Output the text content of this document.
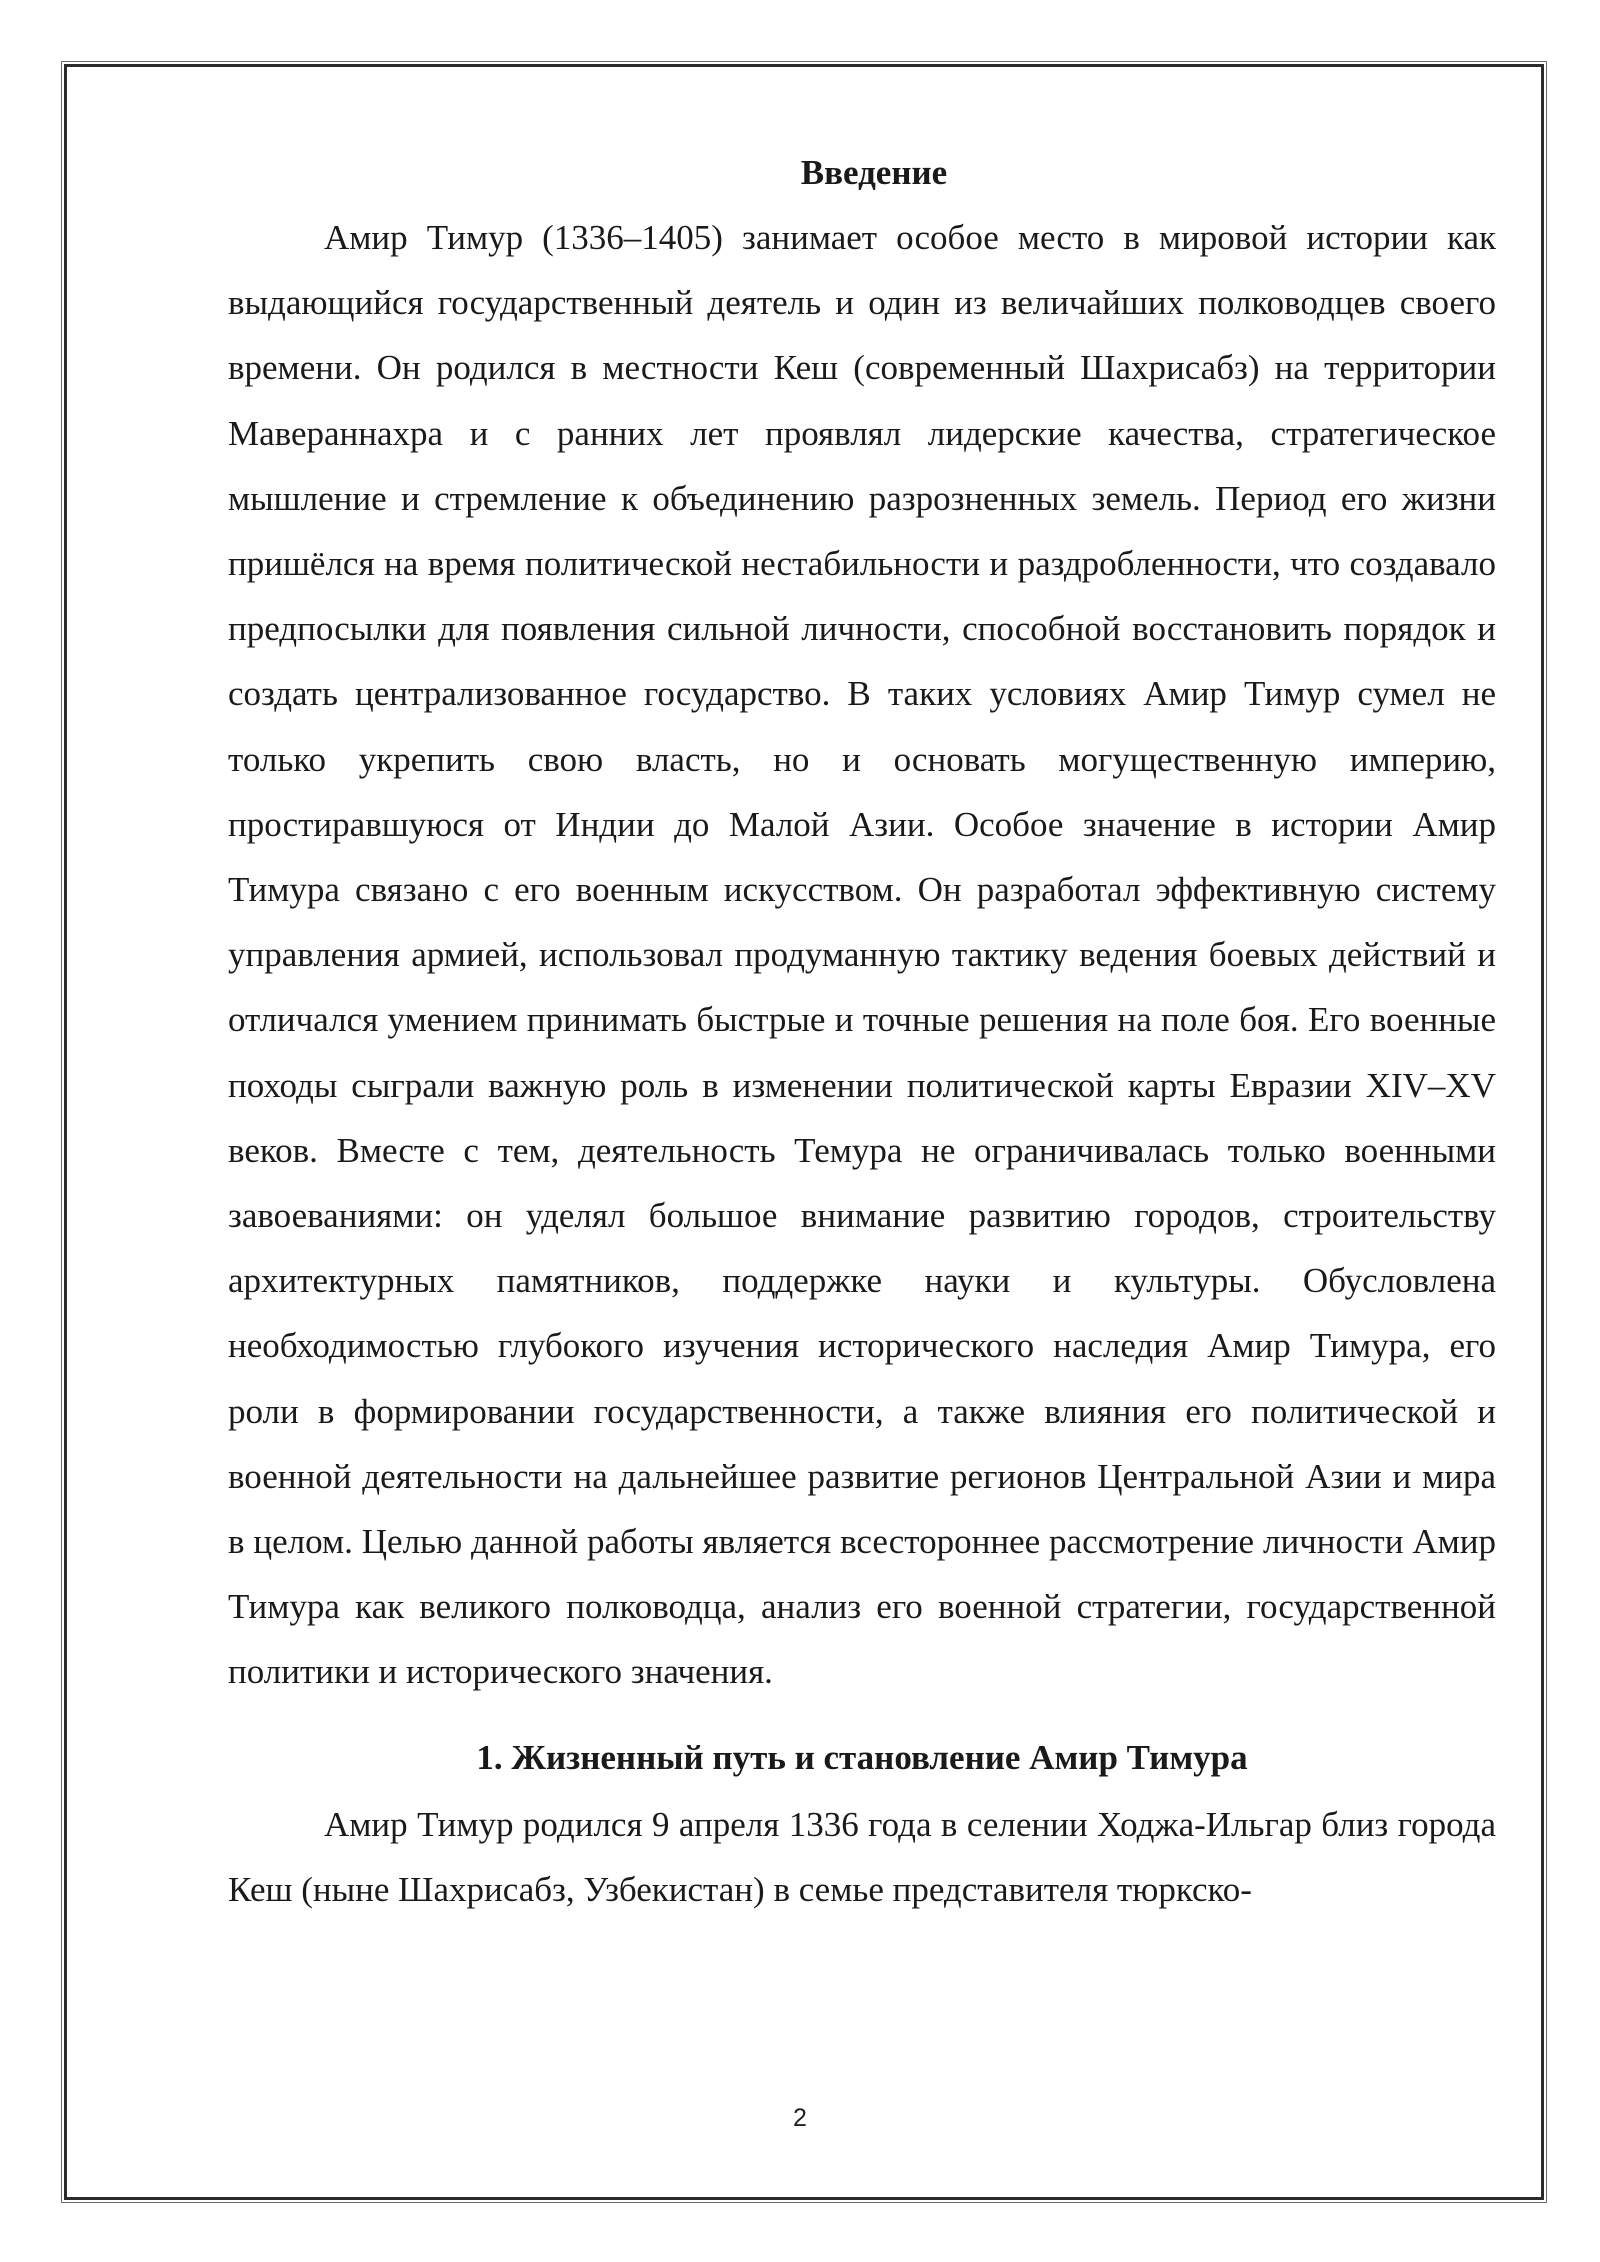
Введение

Амир Тимур (1336–1405) занимает особое место в мировой истории как выдающийся государственный деятель и один из величайших полководцев своего времени. Он родился в местности Кеш (современный Шахрисабз) на территории Мавераннахра и с ранних лет проявлял лидерские качества, стратегическое мышление и стремление к объединению разрозненных земель. Период его жизни пришёлся на время политической нестабильности и раздробленности, что создавало предпосылки для появления сильной личности, способной восстановить порядок и создать централизованное государство. В таких условиях Амир Тимур сумел не только укрепить свою власть, но и основать могущественную империю, простиравшуюся от Индии до Малой Азии. Особое значение в истории Амир Тимура связано с его военным искусством. Он разработал эффективную систему управления армией, использовал продуманную тактику ведения боевых действий и отличался умением принимать быстрые и точные решения на поле боя. Его военные походы сыграли важную роль в изменении политической карты Евразии XIV–XV веков. Вместе с тем, деятельность Темура не ограничивалась только военными завоеваниями: он уделял большое внимание развитию городов, строительству архитектурных памятников, поддержке науки и культуры. Обусловлена необходимостью глубокого изучения исторического наследия Амир Тимура, его роли в формировании государственности, а также влияния его политической и военной деятельности на дальнейшее развитие регионов Центральной Азии и мира в целом. Целью данной работы является всестороннее рассмотрение личности Амир Тимура как великого полководца, анализ его военной стратегии, государственной политики и исторического значения.

1. Жизненный путь и становление Амир Тимура

Амир Тимур родился 9 апреля 1336 года в селении Ходжа-Ильгар близ города Кеш (ныне Шахрисабз, Узбекистан) в семье представителя тюркско-

2
